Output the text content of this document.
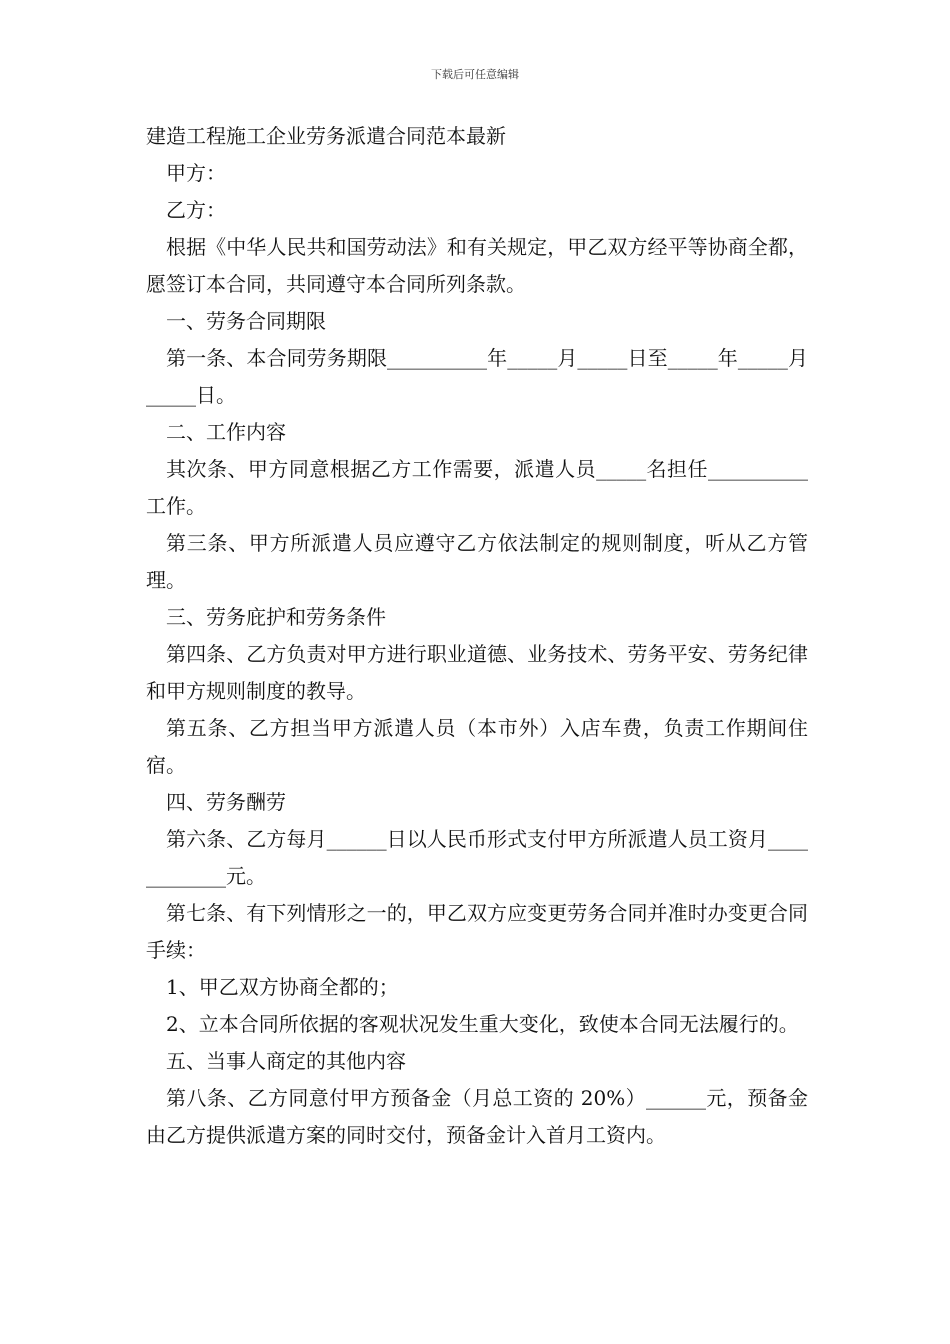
下载后可任意编辑

建造工程施工企业劳务派遣合同范本最新

甲方：

乙方：

根据《中华人民共和国劳动法》和有关规定，甲乙双方经平等协商全都，愿签订本合同，共同遵守本合同所列条款。

一、劳务合同期限

第一条、本合同劳务期限__________年_____月_____日至_____年_____月_____日。

二、工作内容

其次条、甲方同意根据乙方工作需要，派遣人员_____名担任__________工作。

第三条、甲方所派遣人员应遵守乙方依法制定的规则制度，听从乙方管理。

三、劳务庇护和劳务条件

第四条、乙方负责对甲方进行职业道德、业务技术、劳务平安、劳务纪律和甲方规则制度的教导。

第五条、乙方担当甲方派遣人员（本市外）入店车费，负责工作期间住宿。

四、劳务酬劳

第六条、乙方每月______日以人民币形式支付甲方所派遣人员工资月____________元。

第七条、有下列情形之一的，甲乙双方应变更劳务合同并准时办变更合同手续：

1、甲乙双方协商全都的；

2、立本合同所依据的客观状况发生重大变化，致使本合同无法履行的。

五、当事人商定的其他内容

第八条、乙方同意付甲方预备金（月总工资的 20%）______元，预备金由乙方提供派遣方案的同时交付，预备金计入首月工资内。
